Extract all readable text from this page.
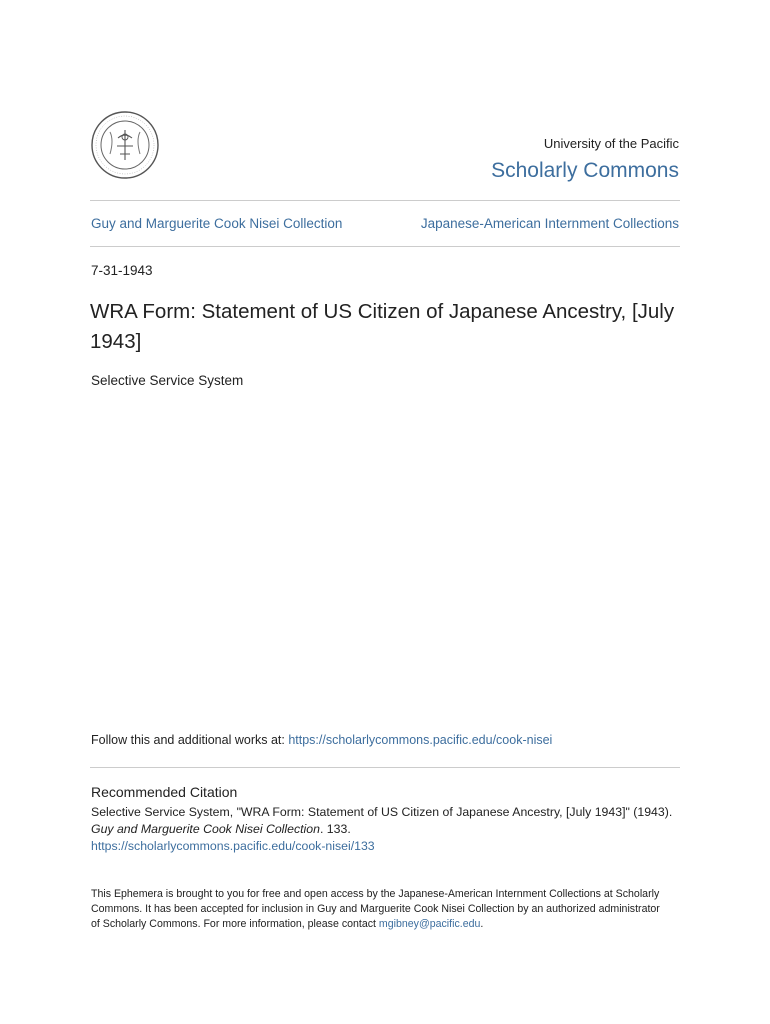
University of the Pacific
Scholarly Commons
Guy and Marguerite Cook Nisei Collection	Japanese-American Internment Collections
7-31-1943
WRA Form: Statement of US Citizen of Japanese Ancestry, [July 1943]
Selective Service System
Follow this and additional works at: https://scholarlycommons.pacific.edu/cook-nisei
Recommended Citation
Selective Service System, "WRA Form: Statement of US Citizen of Japanese Ancestry, [July 1943]" (1943).
Guy and Marguerite Cook Nisei Collection. 133.
https://scholarlycommons.pacific.edu/cook-nisei/133
This Ephemera is brought to you for free and open access by the Japanese-American Internment Collections at Scholarly Commons. It has been accepted for inclusion in Guy and Marguerite Cook Nisei Collection by an authorized administrator of Scholarly Commons. For more information, please contact mgibney@pacific.edu.
